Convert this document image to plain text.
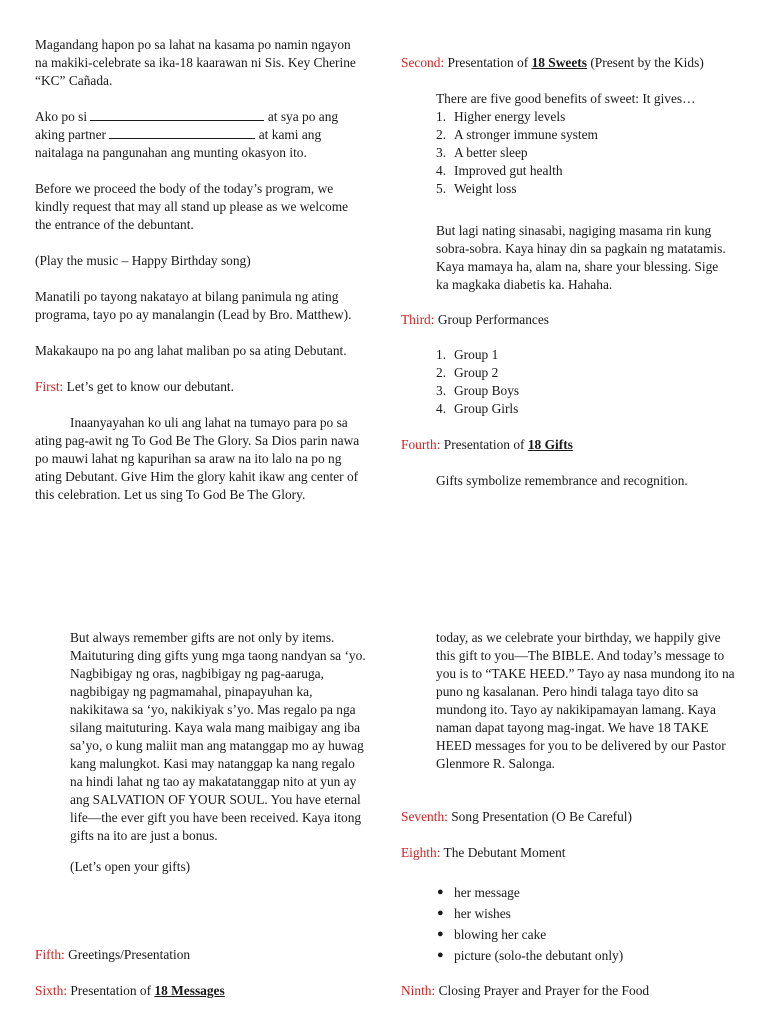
Magandang hapon po sa lahat na kasama po namin ngayon na makiki-celebrate sa ika-18 kaarawan ni Sis. Key Cherine “KC” Cañada.

Ako po si	at sya po ang aking partner	at kami ang naitalaga na pangunahan ang munting okasyon ito.

Before we proceed the body of the today’s program, we kindly request that may all stand up please as we welcome the entrance of the debuntant.

(Play the music – Happy Birthday song)

Manatili po tayong nakatayo at bilang panimula ng ating programa, tayo po ay manalangin (Lead by Bro. Matthew).

Makakaupo na po ang lahat maliban po sa ating Debutant.

First: Let’s get to know our debutant.

Inaanyayahan ko uli ang lahat na tumayo para po sa ating pag-awit ng To God Be The Glory. Sa Dios parin nawa po mauwi lahat ng kapurihan sa araw na ito lalo na po ng ating Debutant. Give Him the glory kahit ikaw ang center of this celebration. Let us sing To God Be The Glory.

Second: Presentation of 18 Sweets (Present by the Kids)

There are five good benefits of sweet: It gives…

1. Higher energy levels
2. A stronger immune system
3. A better sleep
4. Improved gut health
5. Weight loss

But lagi nating sinasabi, nagiging masama rin kung sobra-sobra. Kaya hinay din sa pagkain ng matatamis. Kaya mamaya ha, alam na, share your blessing. Sige ka magkaka diabetis ka. Hahaha.

Third: Group Performances

1. Group 1
2. Group 2
3. Group Boys
4. Group Girls

Fourth: Presentation of 18 Gifts

Gifts symbolize remembrance and recognition.

But always remember gifts are not only by items. Maituturing ding gifts yung mga taong nandyan sa ‘yo. Nagbibigay ng oras, nagbibigay ng pag-aaruga, nagbibigay ng pagmamahal, pinapayuhan ka, nakikitawa sa ‘yo, nakikiyak s’yo. Mas regalo pa nga silang maituturing. Kaya wala mang maibigay ang iba sa’yo, o kung maliit man ang matanggap mo ay huwag kang malungkot. Kasi may natanggap ka nang regalo na hindi lahat ng tao ay makatatanggap nito at yun ay ang SALVATION OF YOUR SOUL. You have eternal life—the ever gift you have been received. Kaya itong gifts na ito are just a bonus.

(Let’s open your gifts)

Fifth: Greetings/Presentation

Sixth: Presentation of 18 Messages

today, as we celebrate your birthday, we happily give this gift to you—The BIBLE. And today’s message to you is to “TAKE HEED.” Tayo ay nasa mundong ito na puno ng kasalanan. Pero hindi talaga tayo dito sa mundong ito. Tayo ay nakikipamayan lamang. Kaya naman dapat tayong mag-ingat. We have 18 TAKE HEED messages for you to be delivered by our Pastor Glenmore R. Salonga.

Seventh: Song Presentation (O Be Careful)

Eighth: The Debutant Moment

● her message
● her wishes
● blowing her cake
● picture (solo-the debutant only)

Ninth: Closing Prayer and Prayer for the Food
